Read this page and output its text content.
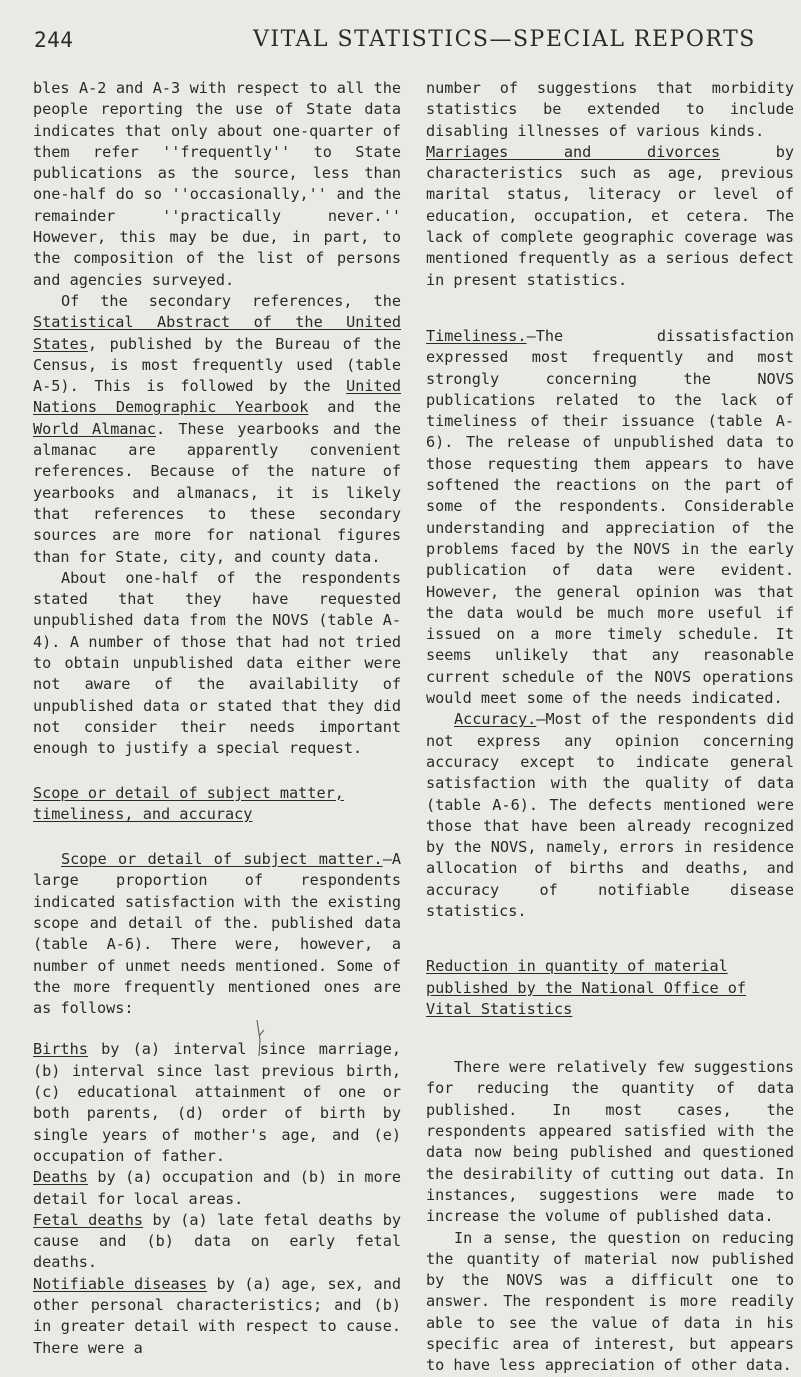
244	VITAL STATISTICS—SPECIAL REPORTS

bles A-2 and A-3 with respect to all the people reporting the use of State data indicates that only about one-quarter of them refer ''frequently'' to State publications as the source, less than one-half do so ''occasionally,'' and the remainder ''practically never.'' However, this may be due, in part, to the composition of the list of persons and agencies surveyed.

Of the secondary references, the Statistical Abstract of the United States, published by the Bureau of the Census, is most frequently used (table A-5). This is followed by the United Nations Demographic Yearbook and the World Almanac. These yearbooks and the almanac are apparently convenient references. Because of the nature of yearbooks and almanacs, it is likely that references to these secondary sources are more for national figures than for State, city, and county data.

About one-half of the respondents stated that they have requested unpublished data from the NOVS (table A-4). A number of those that had not tried to obtain unpublished data either were not aware of the availability of unpublished data or stated that they did not consider their needs important enough to justify a special request.

Scope or detail of subject matter, timeliness, and accuracy

Scope or detail of subject matter.—A large proportion of respondents indicated satisfaction with the existing scope and detail of the. published data (table A-6). There were, however, a number of unmet needs mentioned. Some of the more frequently mentioned ones are as follows:

Births by (a) interval since marriage, (b) interval since last previous birth, (c) educational attainment of one or both parents, (d) order of birth by single years of mother's age, and (e) occupation of father.

Deaths by (a) occupation and (b) in more detail for local areas.

Fetal deaths by (a) late fetal deaths by cause and (b) data on early fetal deaths.

Notifiable diseases by (a) age, sex, and other personal characteristics; and (b) in greater detail with respect to cause. There were a

number of suggestions that morbidity statistics be extended to include disabling illnesses of various kinds.

Marriages and divorces by characteristics such as age, previous marital status, literacy or level of education, occupation, et cetera. The lack of complete geographic coverage was mentioned frequently as a serious defect in present statistics.

Timeliness.—The dissatisfaction expressed most frequently and most strongly concerning the NOVS publications related to the lack of timeliness of their issuance (table A-6). The release of unpublished data to those requesting them appears to have softened the reactions on the part of some of the respondents. Considerable understanding and appreciation of the problems faced by the NOVS in the early publication of data were evident. However, the general opinion was that the data would be much more useful if issued on a more timely schedule. It seems unlikely that any reasonable current schedule of the NOVS operations would meet some of the needs indicated.

Accuracy.—Most of the respondents did not express any opinion concerning accuracy except to indicate general satisfaction with the quality of data (table A-6). The defects mentioned were those that have been already recognized by the NOVS, namely, errors in residence allocation of births and deaths, and accuracy of notifiable disease statistics.

Reduction in quantity of material published by the National Office of Vital Statistics

There were relatively few suggestions for reducing the quantity of data published. In most cases, the respondents appeared satisfied with the data now being published and questioned the desirability of cutting out data. In instances, suggestions were made to increase the volume of published data.

In a sense, the question on reducing the quantity of material now published by the NOVS was a difficult one to answer. The respondent is more readily able to see the value of data in his specific area of interest, but appears to have less appreciation of other data.
